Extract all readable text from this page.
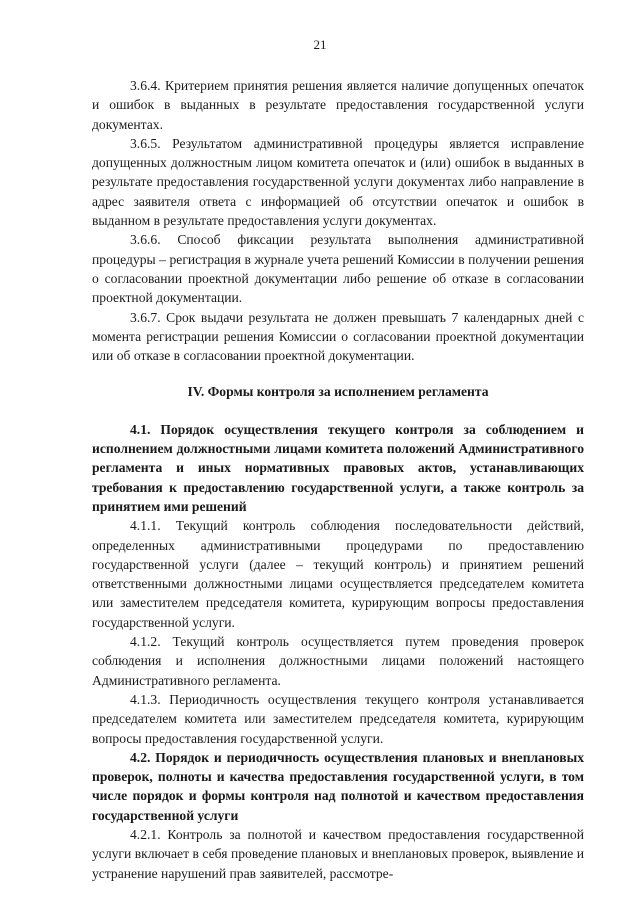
21

3.6.4. Критерием принятия решения является наличие допущенных опечаток и ошибок в выданных в результате предоставления государственной услуги документах.

3.6.5. Результатом административной процедуры является исправление допущенных должностным лицом комитета опечаток и (или) ошибок в выданных в результате предоставления государственной услуги документах либо направление в адрес заявителя ответа с информацией об отсутствии опечаток и ошибок в выданном в результате предоставления услуги документах.

3.6.6. Способ фиксации результата выполнения административной процедуры – регистрация в журнале учета решений Комиссии в получении решения о согласовании проектной документации либо решение об отказе в согласовании проектной документации.

3.6.7. Срок выдачи результата не должен превышать 7 календарных дней с момента регистрации решения Комиссии о согласовании проектной документации или об отказе в согласовании проектной документации.

IV. Формы контроля за исполнением регламента

4.1. Порядок осуществления текущего контроля за соблюдением и исполнением должностными лицами комитета положений Административного регламента и иных нормативных правовых актов, устанавливающих требования к предоставлению государственной услуги, а также контроль за принятием ими решений

4.1.1. Текущий контроль соблюдения последовательности действий, определенных административными процедурами по предоставлению государственной услуги (далее – текущий контроль) и принятием решений ответственными должностными лицами осуществляется председателем комитета или заместителем председателя комитета, курирующим вопросы предоставления государственной услуги.

4.1.2. Текущий контроль осуществляется путем проведения проверок соблюдения и исполнения должностными лицами положений настоящего Административного регламента.

4.1.3. Периодичность осуществления текущего контроля устанавливается председателем комитета или заместителем председателя комитета, курирующим вопросы предоставления государственной услуги.

4.2. Порядок и периодичность осуществления плановых и внеплановых проверок, полноты и качества предоставления государственной услуги, в том числе порядок и формы контроля над полнотой и качеством предоставления государственной услуги

4.2.1. Контроль за полнотой и качеством предоставления государственной услуги включает в себя проведение плановых и внеплановых проверок, выявление и устранение нарушений прав заявителей, рассмотре-
